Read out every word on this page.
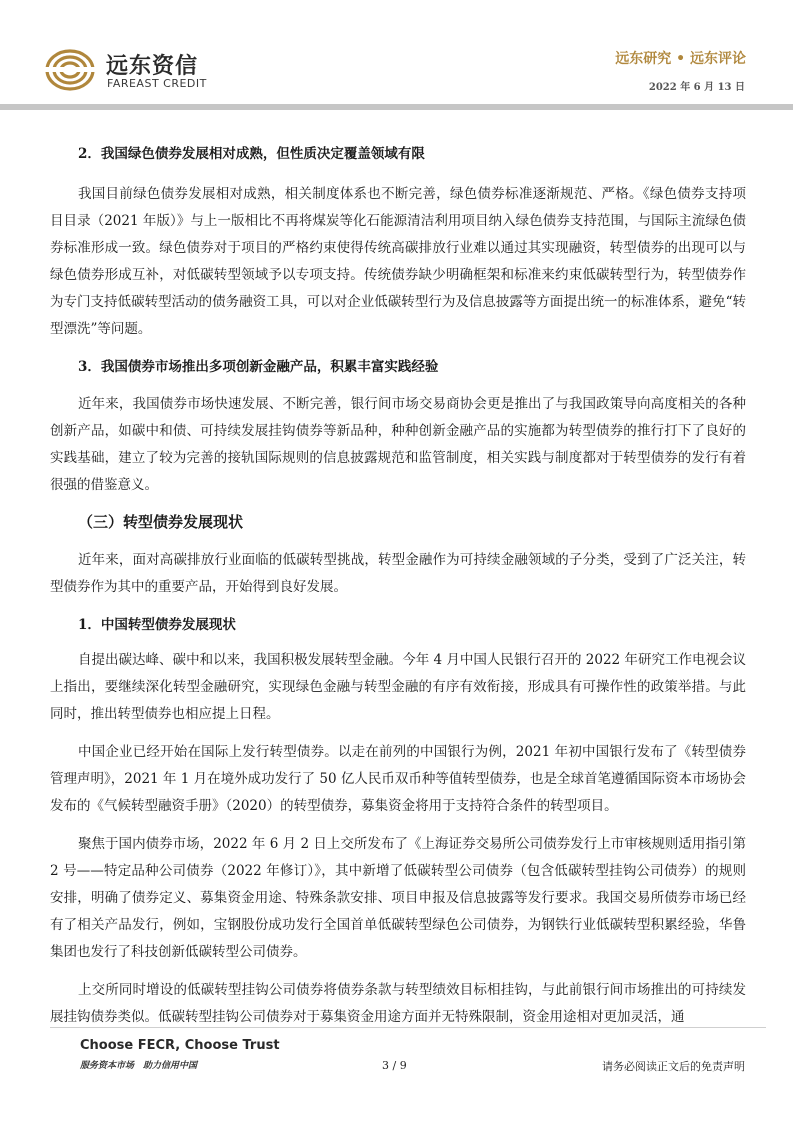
远东资信
FAREAST CREDIT
远东研究 • 远东评论
2022 年 6 月 13 日

2．我国绿色债券发展相对成熟，但性质决定覆盖领域有限

我国目前绿色债券发展相对成熟，相关制度体系也不断完善，绿色债券标准逐渐规范、严格。《绿色债券支持项目目录（2021 年版）》与上一版相比不再将煤炭等化石能源清洁利用项目纳入绿色债券支持范围，与国际主流绿色债券标准形成一致。绿色债券对于项目的严格约束使得传统高碳排放行业难以通过其实现融资，转型债券的出现可以与绿色债券形成互补，对低碳转型领域予以专项支持。传统债券缺少明确框架和标准来约束低碳转型行为，转型债券作为专门支持低碳转型活动的债务融资工具，可以对企业低碳转型行为及信息披露等方面提出统一的标准体系，避免“转型漂洗”等问题。

3．我国债券市场推出多项创新金融产品，积累丰富实践经验

近年来，我国债券市场快速发展、不断完善，银行间市场交易商协会更是推出了与我国政策导向高度相关的各种创新产品，如碳中和债、可持续发展挂钩债券等新品种，种种创新金融产品的实施都为转型债券的推行打下了良好的实践基础，建立了较为完善的接轨国际规则的信息披露规范和监管制度，相关实践与制度都对于转型债券的发行有着很强的借鉴意义。

（三）转型债券发展现状

近年来，面对高碳排放行业面临的低碳转型挑战，转型金融作为可持续金融领域的子分类，受到了广泛关注，转型债券作为其中的重要产品，开始得到良好发展。

1．中国转型债券发展现状

自提出碳达峰、碳中和以来，我国积极发展转型金融。今年 4 月中国人民银行召开的 2022 年研究工作电视会议上指出，要继续深化转型金融研究，实现绿色金融与转型金融的有序有效衔接，形成具有可操作性的政策举措。与此同时，推出转型债券也相应提上日程。

中国企业已经开始在国际上发行转型债券。以走在前列的中国银行为例，2021 年初中国银行发布了《转型债券管理声明》，2021 年 1 月在境外成功发行了 50 亿人民币双币种等值转型债券，也是全球首笔遵循国际资本市场协会发布的《气候转型融资手册》（2020）的转型债券，募集资金将用于支持符合条件的转型项目。

聚焦于国内债券市场，2022 年 6 月 2 日上交所发布了《上海证券交易所公司债券发行上市审核规则适用指引第 2 号——特定品种公司债券（2022 年修订）》，其中新增了低碳转型公司债券（包含低碳转型挂钩公司债券）的规则安排，明确了债券定义、募集资金用途、特殊条款安排、项目申报及信息披露等发行要求。我国交易所债券市场已经有了相关产品发行，例如，宝钢股份成功发行全国首单低碳转型绿色公司债券，为钢铁行业低碳转型积累经验，华鲁集团也发行了科技创新低碳转型公司债券。

上交所同时增设的低碳转型挂钩公司债券将债券条款与转型绩效目标相挂钩，与此前银行间市场推出的可持续发展挂钩债券类似。低碳转型挂钩公司债券对于募集资金用途方面并无特殊限制，资金用途相对更加灵活，通

Choose FECR, Choose Trust
服务资本市场　助力信用中国	3 / 9	请务必阅读正文后的免责声明
